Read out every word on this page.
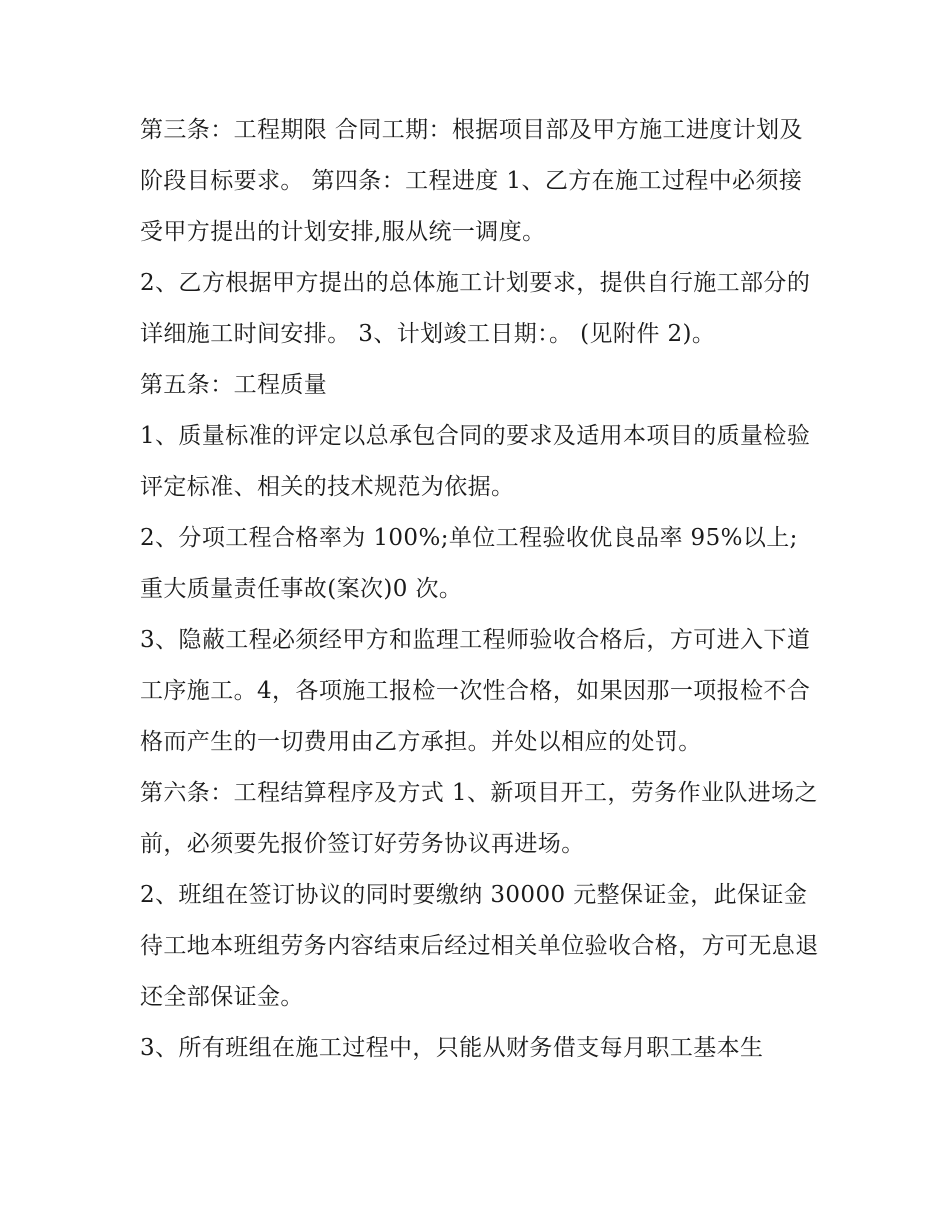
第三条：工程期限 合同工期：根据项目部及甲方施工进度计划及阶段目标要求。 第四条：工程进度 1、乙方在施工过程中必须接受甲方提出的计划安排,服从统一调度。

2、乙方根据甲方提出的总体施工计划要求，提供自行施工部分的详细施工时间安排。 3、计划竣工日期：。 (见附件 2)。

第五条：工程质量

1、质量标准的评定以总承包合同的要求及适用本项目的质量检验评定标准、相关的技术规范为依据。

2、分项工程合格率为 100%;单位工程验收优良品率 95%以上;重大质量责任事故(案次)0 次。

3、隐蔽工程必须经甲方和监理工程师验收合格后，方可进入下道工序施工。4，各项施工报检一次性合格，如果因那一项报检不合格而产生的一切费用由乙方承担。并处以相应的处罚。

第六条：工程结算程序及方式 1、新项目开工，劳务作业队进场之前，必须要先报价签订好劳务协议再进场。

2、班组在签订协议的同时要缴纳 30000 元整保证金，此保证金待工地本班组劳务内容结束后经过相关单位验收合格，方可无息退还全部保证金。

3、所有班组在施工过程中，只能从财务借支每月职工基本生
